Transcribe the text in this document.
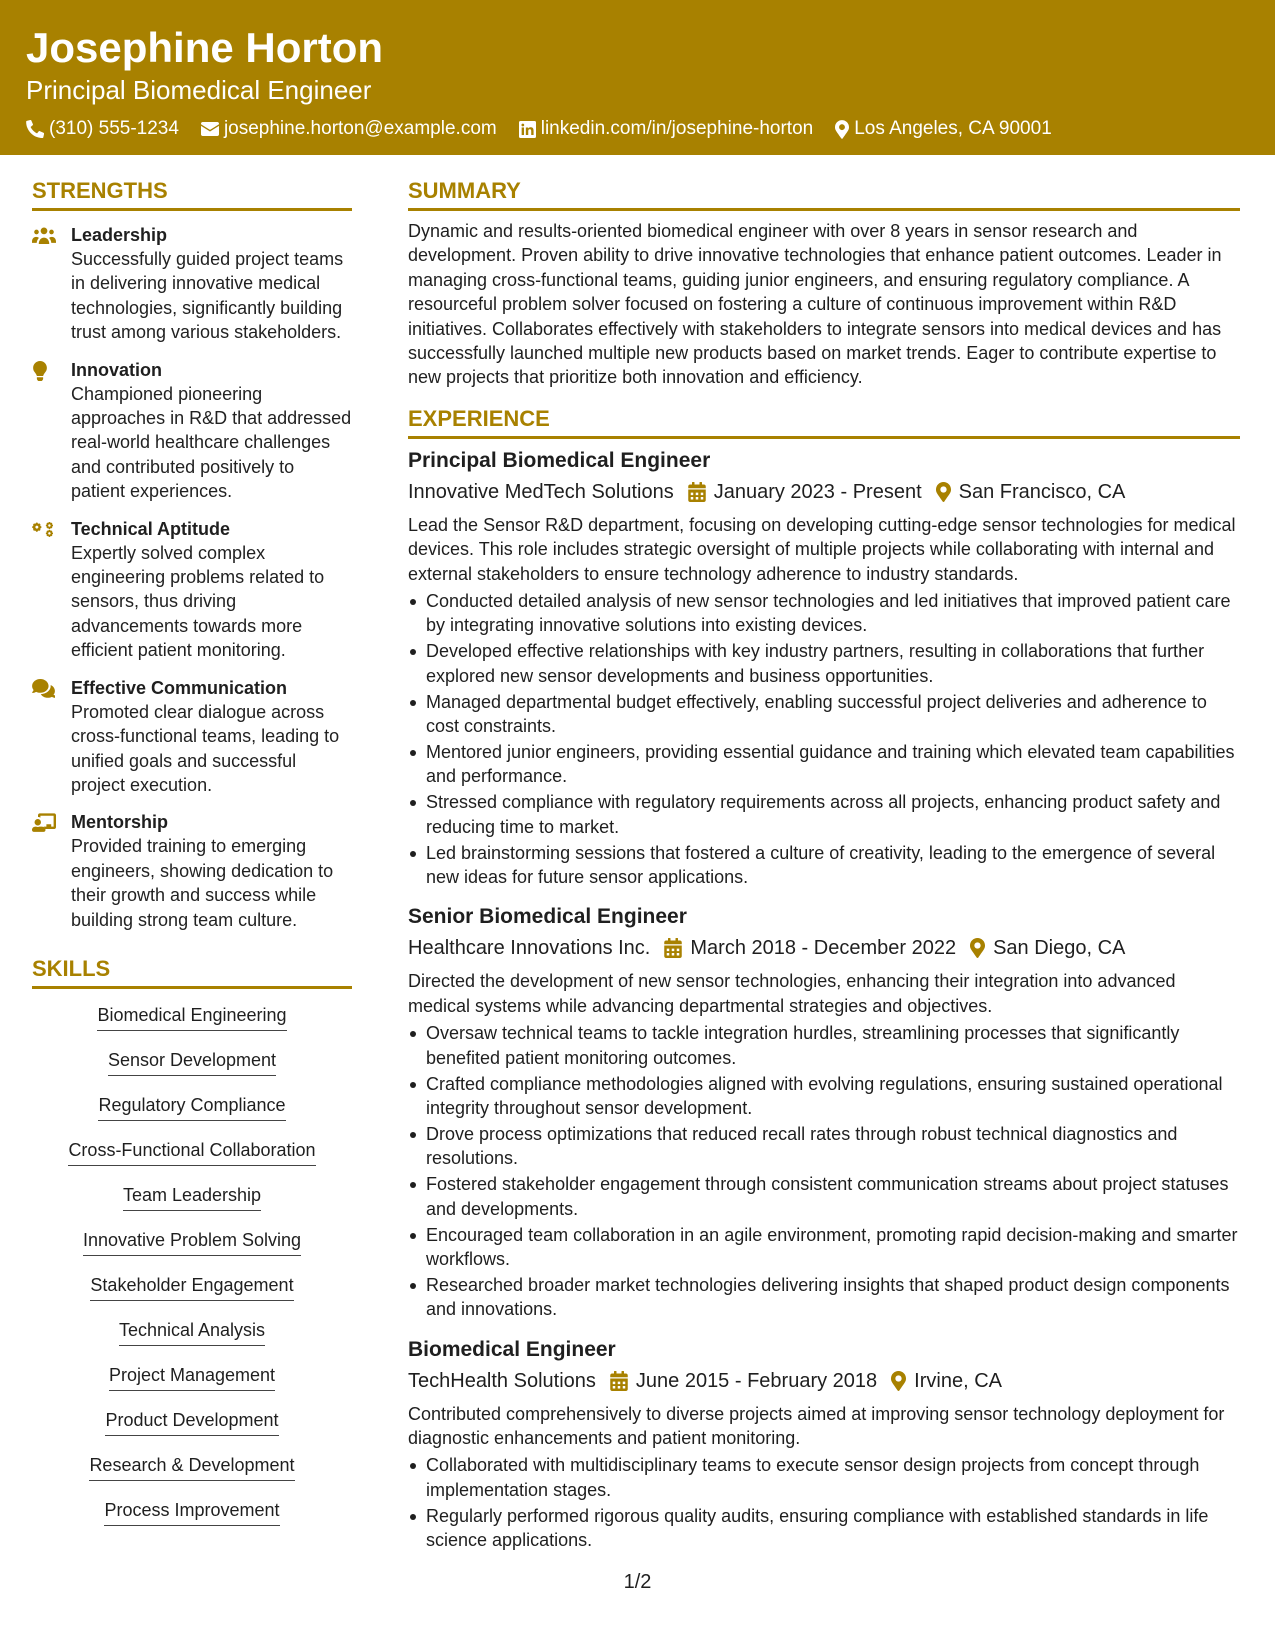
Josephine Horton
Principal Biomedical Engineer
(310) 555-1234 josephine.horton@example.com linkedin.com/in/josephine-horton Los Angeles, CA 90001
STRENGTHS
Leadership
Successfully guided project teams in delivering innovative medical technologies, significantly building trust among various stakeholders.
Innovation
Championed pioneering approaches in R&D that addressed real-world healthcare challenges and contributed positively to patient experiences.
Technical Aptitude
Expertly solved complex engineering problems related to sensors, thus driving advancements towards more efficient patient monitoring.
Effective Communication
Promoted clear dialogue across cross-functional teams, leading to unified goals and successful project execution.
Mentorship
Provided training to emerging engineers, showing dedication to their growth and success while building strong team culture.
SKILLS
Biomedical Engineering
Sensor Development
Regulatory Compliance
Cross-Functional Collaboration
Team Leadership
Innovative Problem Solving
Stakeholder Engagement
Technical Analysis
Project Management
Product Development
Research & Development
Process Improvement
SUMMARY
Dynamic and results-oriented biomedical engineer with over 8 years in sensor research and development. Proven ability to drive innovative technologies that enhance patient outcomes. Leader in managing cross-functional teams, guiding junior engineers, and ensuring regulatory compliance. A resourceful problem solver focused on fostering a culture of continuous improvement within R&D initiatives. Collaborates effectively with stakeholders to integrate sensors into medical devices and has successfully launched multiple new products based on market trends. Eager to contribute expertise to new projects that prioritize both innovation and efficiency.
EXPERIENCE
Principal Biomedical Engineer
Innovative MedTech Solutions January 2023 - Present San Francisco, CA
Lead the Sensor R&D department, focusing on developing cutting-edge sensor technologies for medical devices. This role includes strategic oversight of multiple projects while collaborating with internal and external stakeholders to ensure technology adherence to industry standards.
Conducted detailed analysis of new sensor technologies and led initiatives that improved patient care by integrating innovative solutions into existing devices.
Developed effective relationships with key industry partners, resulting in collaborations that further explored new sensor developments and business opportunities.
Managed departmental budget effectively, enabling successful project deliveries and adherence to cost constraints.
Mentored junior engineers, providing essential guidance and training which elevated team capabilities and performance.
Stressed compliance with regulatory requirements across all projects, enhancing product safety and reducing time to market.
Led brainstorming sessions that fostered a culture of creativity, leading to the emergence of several new ideas for future sensor applications.
Senior Biomedical Engineer
Healthcare Innovations Inc. March 2018 - December 2022 San Diego, CA
Directed the development of new sensor technologies, enhancing their integration into advanced medical systems while advancing departmental strategies and objectives.
Oversaw technical teams to tackle integration hurdles, streamlining processes that significantly benefited patient monitoring outcomes.
Crafted compliance methodologies aligned with evolving regulations, ensuring sustained operational integrity throughout sensor development.
Drove process optimizations that reduced recall rates through robust technical diagnostics and resolutions.
Fostered stakeholder engagement through consistent communication streams about project statuses and developments.
Encouraged team collaboration in an agile environment, promoting rapid decision-making and smarter workflows.
Researched broader market technologies delivering insights that shaped product design components and innovations.
Biomedical Engineer
TechHealth Solutions June 2015 - February 2018 Irvine, CA
Contributed comprehensively to diverse projects aimed at improving sensor technology deployment for diagnostic enhancements and patient monitoring.
Collaborated with multidisciplinary teams to execute sensor design projects from concept through implementation stages.
Regularly performed rigorous quality audits, ensuring compliance with established standards in life science applications.
1/2
